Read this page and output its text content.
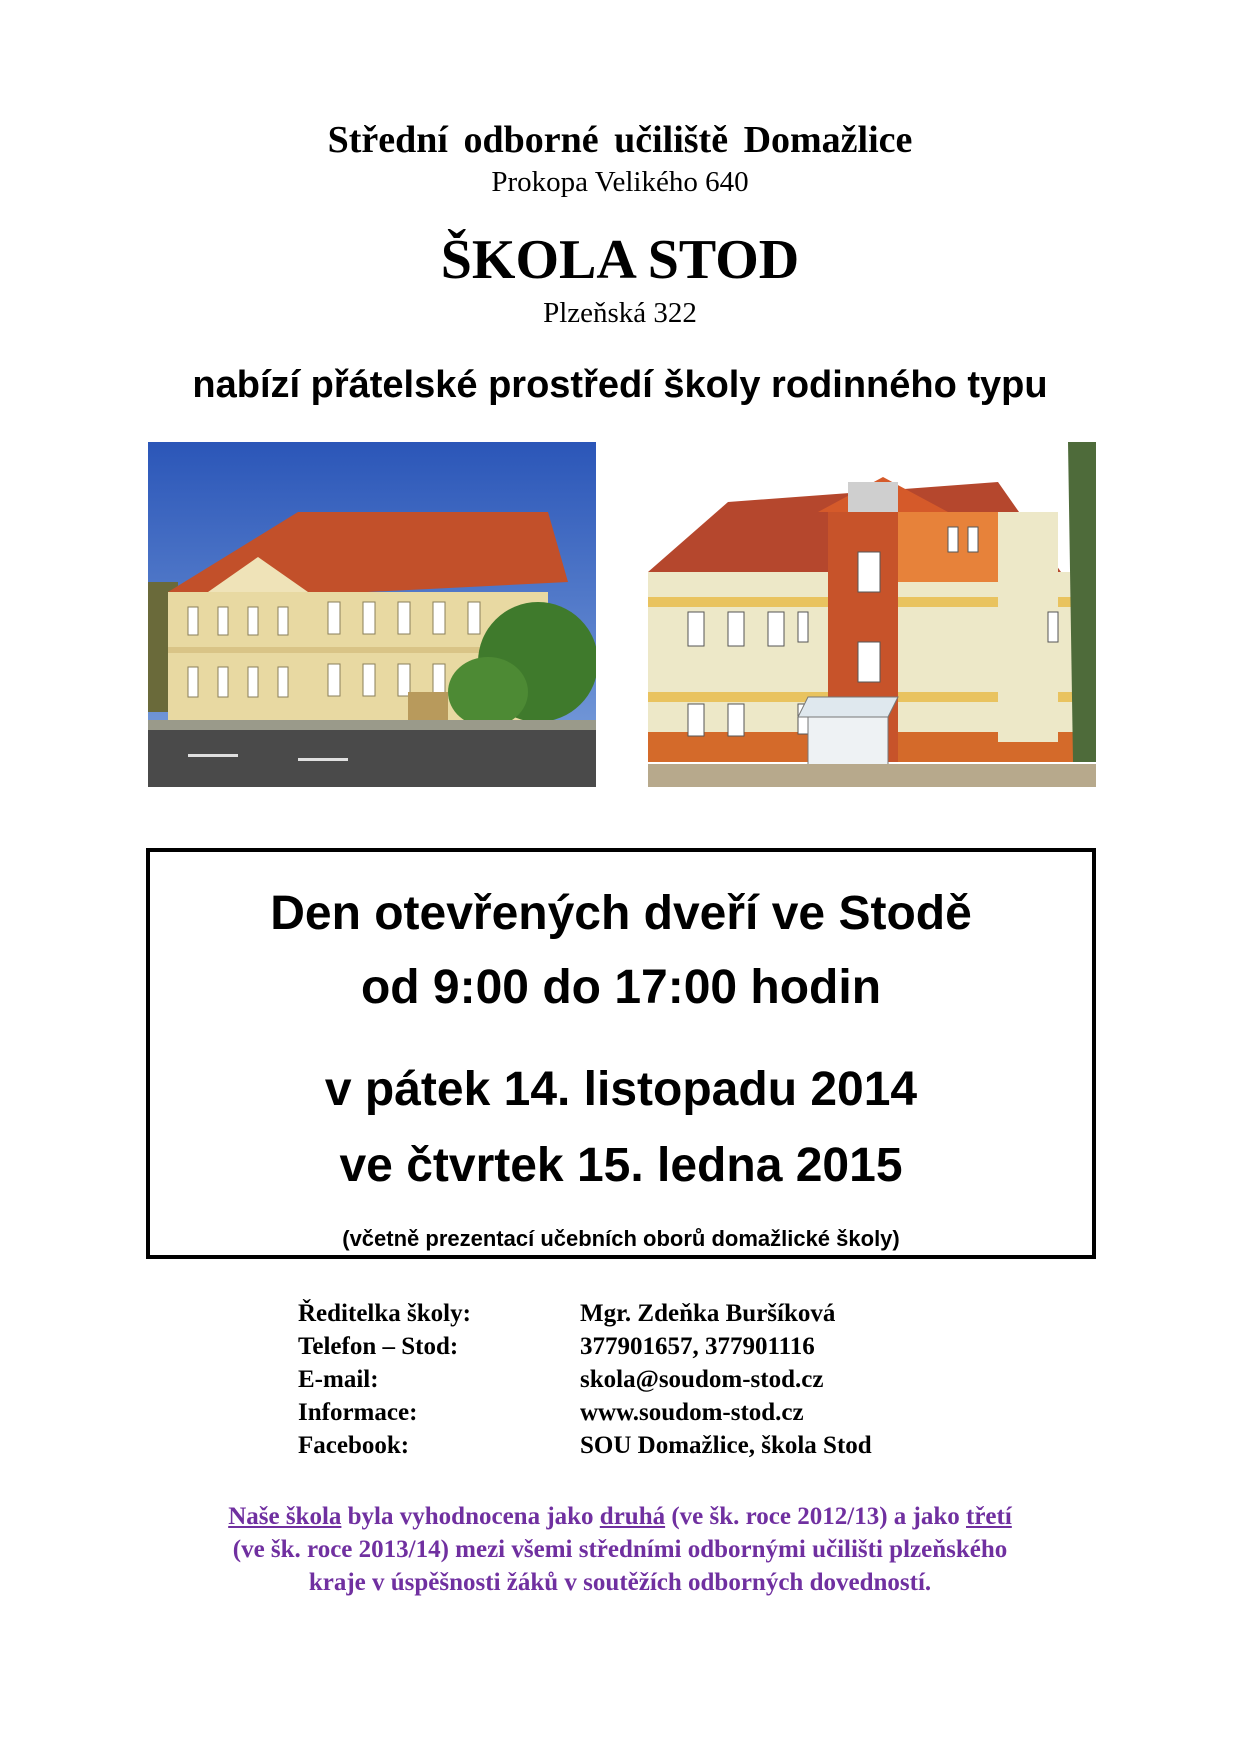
Střední odborné učiliště Domažlice
Prokopa Velikého 640
ŠKOLA STOD
Plzeňská 322
nabízí přátelské prostředí školy rodinného typu
Den otevřených dveří ve Stodě
od 9:00 do 17:00 hodin
v pátek 14. listopadu 2014
ve čtvrtek 15. ledna 2015
(včetně prezentací učebních oborů domažlické školy)
Ředitelka školy:	Mgr. Zdeňka Buršíková
Telefon – Stod:	377901657, 377901116
E-mail:	skola@soudom-stod.cz
Informace:	www.soudom-stod.cz
Facebook:	SOU Domažlice, škola Stod
Naše škola byla vyhodnocena jako druhá (ve šk. roce 2012/13) a jako třetí
(ve šk. roce 2013/14) mezi všemi středními odbornými učilišti plzeňského
kraje v úspěšnosti žáků v soutěžích odborných dovedností.
